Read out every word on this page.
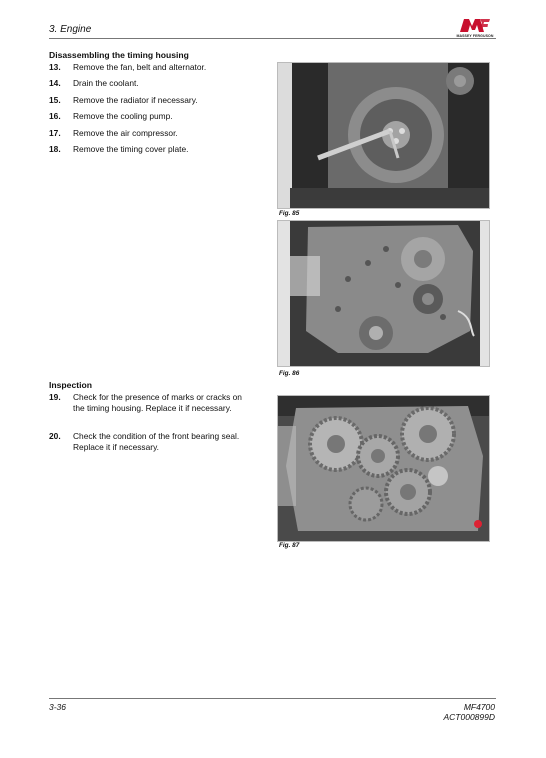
3. Engine
MASSEY FERGUSON
Disassembling the timing housing
13.	Remove the fan, belt and alternator.
14.	Drain the coolant.
15.	Remove the radiator if necessary.
16.	Remove the cooling pump.
17.	Remove the air compressor.
18.	Remove the timing cover plate.
Inspection
19.	Check for the presence of marks or cracks on the timing housing. Replace it if necessary.
20.	Check the condition of the front bearing seal. Replace it if necessary.
Fig. 85
Fig. 86
Fig. 87
3-36	MF4700
ACT000899D
